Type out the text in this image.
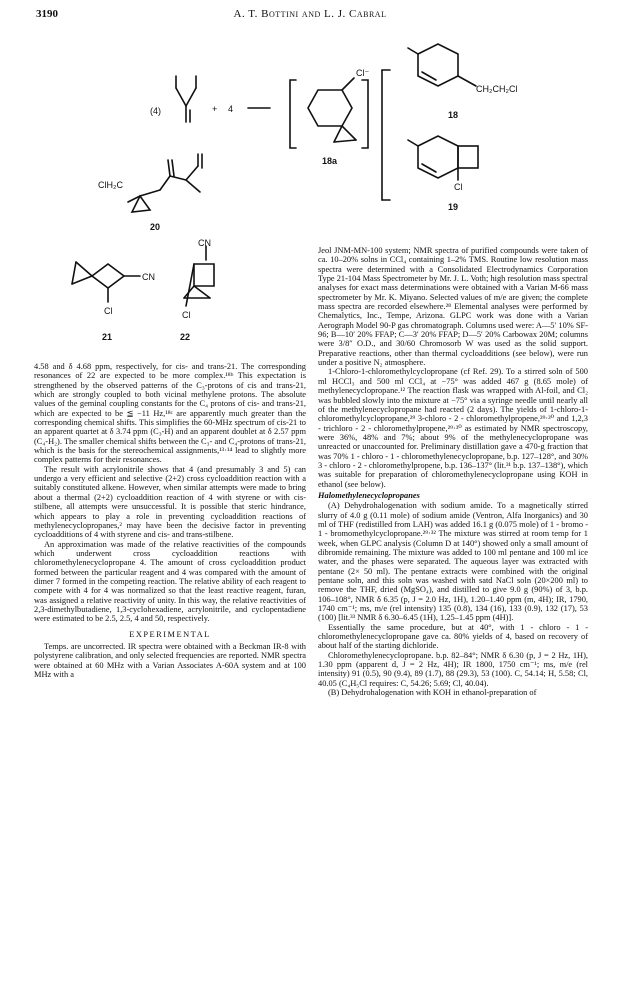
3190	A. T. Bottini and L. J. Cabral
(4)	+ 4
Cl⁻
18a
CH₂CH₂Cl
18
Cl
19
ClH₂C
20
CN
Cl
21
CN
Cl
22

4.58 and δ 4.68 ppm, respectively, for cis- and trans-21. The corresponding resonances of 22 are expected to be more complex.¹⁸ᵇ This expectation is strengthened by the observed patterns of the C₃-protons of cis and trans-21, which are strongly coupled to both vicinal methylene protons. The absolute values of the geminal coupling constants for the C₄ protons of cis- and trans-21, which are expected to be ≦ −11 Hz,¹⁸ᶜ are apparently much greater than the corresponding chemical shifts. This simplifies the 60-MHz spectrum of cis-21 to an apparent quartet at δ 3.74 ppm (C₃-H) and an apparent doublet at δ 2.57 ppm (C₄-H₂). The smaller chemical shifts between the C₃- and C₄-protons of trans-21, which is the basis for the stereochemical assignments,¹³·¹⁴ lead to slightly more complex patterns for their resonances.

The result with acrylonitrile shows that 4 (and presumably 3 and 5) can undergo a very efficient and selective (2+2) cross cycloaddition reaction with a suitably constituted alkene. However, when similar attempts were made to bring about a thermal (2+2) cycloaddition reaction of 4 with styrene or with cis-stilbene, all attempts were unsuccessful. It is possible that steric hindrance, which appears to play a role in preventing cycloaddition reactions of methylenecyclopropanes,² may have been the decisive factor in preventing cycloadditions of 4 with styrene and cis- and trans-stilbene.

An approximation was made of the relative reactivities of the compounds which underwent cross cycloaddition reactions with chloromethylenecyclopropane 4. The amount of cross cycloaddition product formed between the particular reagent and 4 was compared with the amount of dimer 7 formed in the competing reaction. The relative ability of each reagent to compete with 4 for 4 was normalized so that the least reactive reagent, furan, was assigned a relative reactivity of unity. In this way, the relative reactivities of 2,3-dimethylbutadiene, 1,3-cyclohexadiene, acrylonitrile, and cyclopentadiene were estimated to be 2.5, 2.5, 4 and 50, respectively.

EXPERIMENTAL

Temps. are uncorrected. IR spectra were obtained with a Beckman IR-8 with polystyrene calibration, and only selected frequencies are reported. NMR spectra were obtained at 60 MHz with a Varian Associates A-60A system and at 100 MHz with a

Jeol JNM-MN-100 system; NMR spectra of purified compounds were taken of ca. 10–20% solns in CCl₄ containing 1–2% TMS. Routine low resolution mass spectra were determined with a Consolidated Electrodynamics Corporation Type 21-104 Mass Spectrometer by Mr. J. L. Voth; high resolution mass spectral analyses for exact mass determinations were obtained with a Varian M-66 mass spectrometer by Mr. K. Miyano. Selected values of m/e are given; the complete mass spectra are recorded elsewhere.²⁸ Elemental analyses were performed by Chemalytics, Inc., Tempe, Arizona. GLPC work was done with a Varian Aerograph Model 90-P gas chromatograph. Columns used were: A—5′ 10% SF-96; B—10′ 20% FFAP; C—3′ 20% FFAP; D—5′ 20% Carbowax 20M; columns were 3/8″ O.D., and 30/60 Chromosorb W was used as the solid support. Preparative reactions, other than thermal cycloadditions (see below), were run under a positive N₂ atmosphere.

1-Chloro-1-chloromethylcyclopropane (cf Ref. 29). To a stirred soln of 500 ml HCCl₃ and 500 ml CCl₄ at −75° was added 467 g (8.65 mole) of methylenecyclopropane.¹² The reaction flask was wrapped with Al-foil, and Cl₂ was bubbled slowly into the mixture at −75° via a syringe needle until nearly all of the methylenecyclopropane had reacted (2 days). The yields of 1-chloro-1-chloromethylcyclopropane,²⁹ 3-chloro - 2 - chloromethylpropene,²⁹·³⁰ and 1,2,3 - trichloro - 2 - chloromethylpropene,²⁹·³⁰ as estimated by NMR spectroscopy, were 36%, 48% and 7%; about 9% of the methylenecyclopropane was unreacted or unaccounted for. Preliminary distillation gave a 470-g fraction that was 70% 1 - chloro - 1 - chloromethylenecyclopropane, b.p. 127–128°, and 30% 3 - chloro - 2 - chloromethylpropene, b.p. 136–137° (lit.³¹ b.p. 137–138°), which was suitable for preparation of chloromethylenecyclopropane using KOH in ethanol (see below).

Halomethylenecyclopropanes

(A) Dehydrohalogenation with sodium amide. To a magnetically stirred slurry of 4.0 g (0.11 mole) of sodium amide (Ventron, Alfa Inorganics) and 30 ml of THF (redistilled from LAH) was added 16.1 g (0.075 mole) of 1 - bromo - 1 - bromomethylcyclopropane.²⁹·³² The mixture was stirred at room temp for 1 week, when GLPC analysis (Column D at 140°) showed only a small amount of dibromide remaining. The mixture was added to 100 ml pentane and 100 ml ice water, and the phases were separated. The aqueous layer was extracted with pentane (2× 50 ml). The pentane extracts were combined with the original pentane soln, and this soln was washed with satd NaCl soln (20×200 ml) to remove the THF, dried (MgSO₄), and distilled to give 9.0 g (90%) of 3, b.p. 106–108°, NMR δ 6.35 (p, J = 2.0 Hz, 1H), 1.20–1.40 ppm (m, 4H); IR, 1790, 1740 cm⁻¹; ms, m/e (rel intensity) 135 (0.8), 134 (16), 133 (0.9), 132 (17), 53 (100) [lit.³³ NMR δ 6.30–6.45 (1H), 1.25–1.45 ppm (4H)].

Essentially the same procedure, but at 40°, with 1 - chloro - 1 - chloromethylenecyclopropane gave ca. 80% yields of 4, based on recovery of about half of the starting dichloride.

Chloromethylenecyclopropane. b.p. 82–84°; NMR δ 6.30 (p, J = 2 Hz, 1H), 1.30 ppm (apparent d, J = 2 Hz, 4H); IR 1800, 1750 cm⁻¹; ms, m/e (rel intensity) 91 (0.5), 90 (9.4), 89 (1.7), 88 (29.3), 53 (100). C, 54.14; H, 5.58; Cl, 40.05 (C₄H₅Cl requires: C, 54.26; 5.69; Cl, 40.04).

(B) Dehydrohalogenation with KOH in ethanol-preparation of
